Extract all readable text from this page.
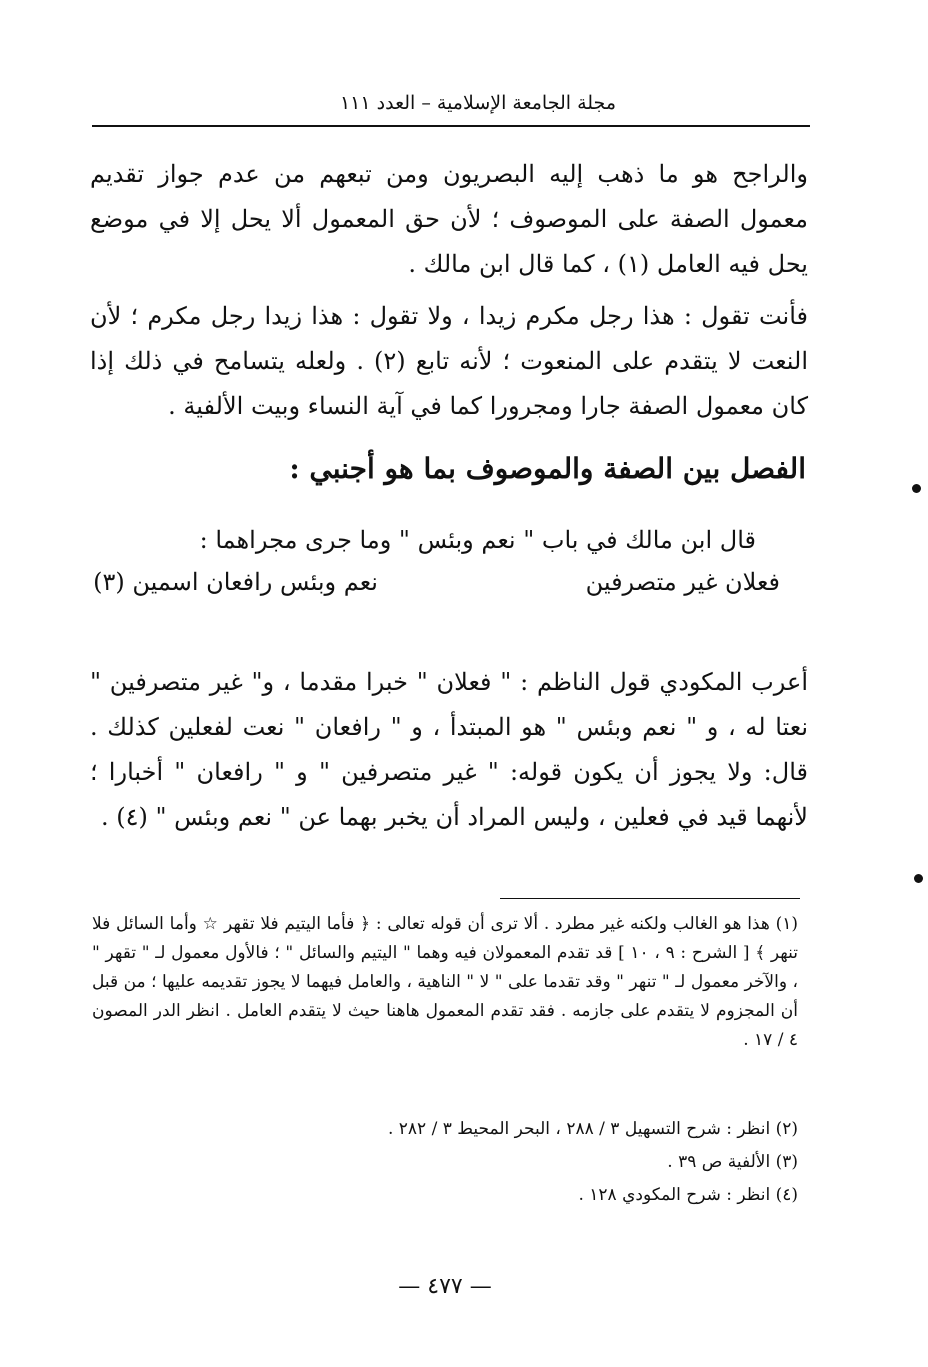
مجلة الجامعة الإسلامية – العدد ١١١
والراجح هو ما ذهب إليه البصريون ومن تبعهم من عدم جواز تقديم معمول الصفة على الموصوف ؛ لأن حق المعمول ألا يحل إلا في موضع يحل فيه العامل (١) ، كما قال ابن مالك .
فأنت تقول : هذا رجل مكرم زيدا ، ولا تقول : هذا زيدا رجل مكرم ؛ لأن النعت لا يتقدم على المنعوت ؛ لأنه تابع (٢) . ولعله يتسامح في ذلك إذا كان معمول الصفة جارا ومجرورا كما في آية النساء وبيت الألفية .
الفصل بين الصفة والموصوف بما هو أجنبي :
قال ابن مالك في باب " نعم وبئس " وما جرى مجراهما :
فعلان غير متصرفين
نعم وبئس رافعان اسمين (٣)
أعرب المكودي قول الناظم : " فعلان " خبرا مقدما ، و" غير متصرفين " نعتا له ، و " نعم وبئس " هو المبتدأ ، و " رافعان " نعت لفعلين كذلك . قال: ولا يجوز أن يكون قوله: " غير متصرفين " و " رافعان " أخبارا ؛ لأنهما قيد في فعلين ، وليس المراد أن يخبر بهما عن " نعم وبئس " (٤) .
(١) هذا هو الغالب ولكنه غير مطرد . ألا ترى أن قوله تعالى : ﴿ فأما اليتيم فلا تقهر ☆ وأما السائل فلا تنهر ﴾ [ الشرح : ٩ ، ١٠ ] قد تقدم المعمولان فيه وهما " اليتيم والسائل " ؛ فالأول معمول لـ " تقهر " ، والآخر معمول لـ " تنهر " وقد تقدما على " لا " الناهية ، والعامل فيهما لا يجوز تقديمه عليها ؛ من قبل أن المجزوم لا يتقدم على جازمه . فقد تقدم المعمول هاهنا حيث لا يتقدم العامل . انظر الدر المصون ٤ / ١٧ .
(٢) انظر : شرح التسهيل ٣ / ٢٨٨ ، البحر المحيط ٣ / ٢٨٢ .
(٣) الألفية ص ٣٩ .
(٤) انظر : شرح المكودي ١٢٨ .
— ٤٧٧ —
